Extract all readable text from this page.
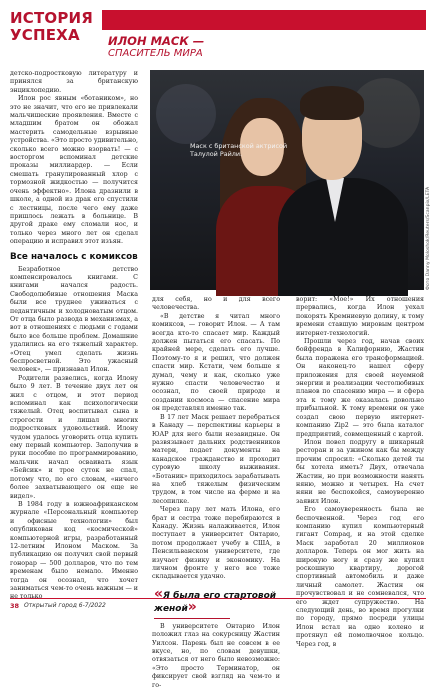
ИСТОРИЯ
УСПЕХА	ИЛОН МАСК —
СПАСИТЕЛЬ МИРА

детско-подростковую литературу и принялся за британскую энциклопедию.

Илон рос явным «ботаником», но это не значит, что его не привлекали мальчишеские проявления. Вместе с младшим братом он обожал мастерить самодельные взрывные устройства. «Это просто удивительно, сколько всего можно взорвать! — с восторгом вспоминал детские проказы миллиардер. — Если смешать гранулированный хлор с тормозной жидкостью — получится очень эффектно». Илона дразнили в школе, а одной из драк его спустили с лестницы, после чего ему даже пришлось лежать в больнице. В другой драке ему сломали нос, и только через много лет он сделал операцию и исправил этот изъян.

Все началось с комиксов

Безработное детство компенсировалось книгами. С книгами начался радость. Свободолюбивые отношения Маска были все труднее уживаться с педантичным и холодноватым отцом. От отца было развода в механизмах, а вот в отношениях с людьми с годами было все больше проблем. Домашние удалились на его тяжелый характер. «Отец умел сделать жизнь беспросветной. Это ужасный человек», — признавал Илон.

Родители развелись, когда Илону было 9 лет. В течение двух лет он жил с отцом, и этот период вспоминал как психологически тяжелый. Отец воспитывал сына в строгости и лишал многих подростковых удовольствий. Илону чудом удалось уговорить отца купить ему первый компьютер. Заполучив в руки пособие по программированию, мальчик начал осваивать язык «Бейсик» и трое суток не спал, потому что, по его словам, «ничего более захватывающего он еще не видел».

В 1984 году в южноафриканском журнале «Персональный компьютер и офисные технологии» был опубликован код «космической» компьютерной игры, разработанный 12-летним Илоном Маском. За публикацию он получил свой первый гонорар — 500 долларов, что по тем временам было немало. Именно тогда он осознал, что хочет заниматься чем-то очень важным — и не только

Маск с британской актрисой Талулой Райли.
Фото Danny Moloshok/Reuters/Scanpix/LETA

для себя, но и для всего человечества.

«В детстве я читал много комиксов, — говорит Илон. — А там всегда кто-то спасает мир. Каждый должен пытаться его спасать. По крайней мере, сделать его лучше. Поэтому-то я и решил, что должен спасти мир. Кстати, чем больше я думал, чему и как, сколько уже нужно спасти человечество и осознал, по своей природе и создании космоса — спасение мира он представлял именно так.

В 17 лет Маск решает перебраться в Канаду — перспективы карьеры в ЮАР для него были незавидные. Он развязывает дальних родственников матери, подает документы на канадское гражданство и проходит суровую школу выживания. «Ботаник» приходилось зарабатывать на хлеб тяжелым физическим трудом, в том числе на ферме и на лесопилке.

Через пару лет мать Илона, его брат и сестра тоже перебираются в Канаду. Жизнь налаживается, Илон поступает в университет Онтарио, потом продолжает учебу в США, в Пенсильванском университете, где изучает физику и экономику. На личном фронте у него все тоже складывается удачно.

«Я была его стартовой женой»

В университете Онтарио Илон положил глаз на сокурсницу Жастин Уилсон. Парень был не совсем в ее вкусе, но, по словам девушки, отвязаться от него было невозможно: «Это просто Терминатор, он фиксирует свой взгляд на чем-то и го-

ворит: «Мое!» Их отношения прервались, когда Илон уехал покорять Кремниевую долину, к тому времени ставшую мировым центром интернет-технологий.

Прошли через год, начав своих бойфренда в Калифорнию, Жастин была поражена его трансформацией. Он наконец-то нашел сферу приложения для своей неуемной энергии и реализации честолюбивых планов по спасению мира — и сфера эта к тому же оказалась довольно прибыльной. К тому времени он уже создал свою первую интернет-компанию Zip2 — это была каталог предприятий, совмещенный с картой.

Илон повел подругу в шикарный ресторан и за ужином как бы между прочим спросил: «Сколько детей ты бы хотела иметь? Двух, отвечала Жастин, но при возможности нанять няню, можно и четырех. На счет няни не беспокойся, самоуверенно заявил Илон.

Его самоуверенность была не беспочвенной. Через год его компанию купил компьютерный гигант Compaq, и на этой сделке Маск заработал 20 миллионов долларов. Теперь он мог жить на широкую ногу и сразу же купил роскошную квартиру, дорогой спортивный автомобиль и даже личный самолет. Жастин он прочувствовал и не сомневался, что его ждет супружество. На следующий день, во время прогулки по городу, прямо посреди улицы Илон встал на одно колено и протянул ей помолвочное кольцо. Через год, в

38 Открытый город 6-7/2022
